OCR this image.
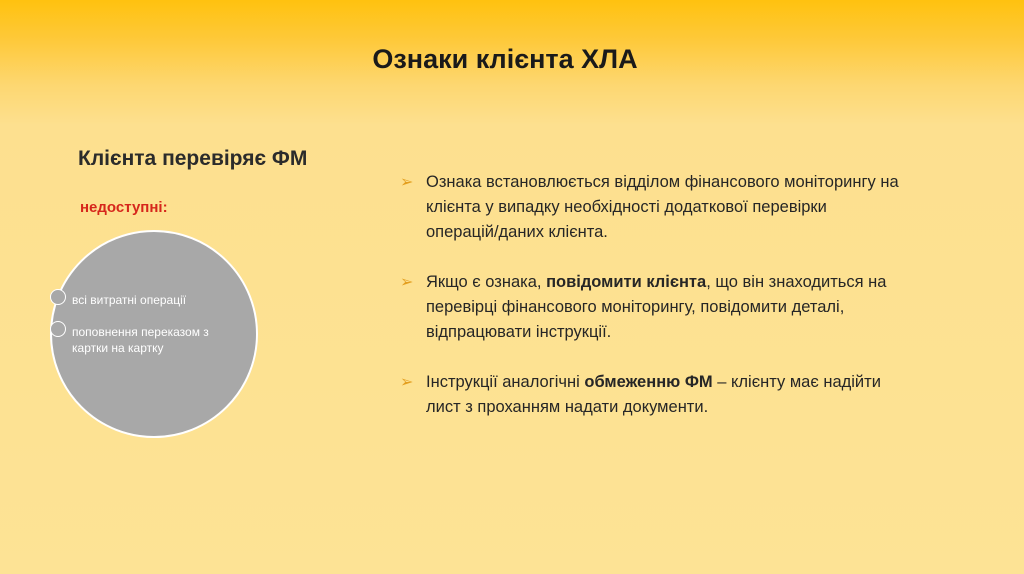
Ознаки клієнта ХЛА
Клієнта перевіряє ФМ
недоступні:
всі витратні операції
поповнення переказом з картки на картку
➢ Ознака встановлюється відділом фінансового моніторингу на клієнта у випадку необхідності додаткової перевірки операцій/даних клієнта.
➢ Якщо є ознака, повідомити клієнта, що він знаходиться на перевірці фінансового моніторингу, повідомити деталі, відпрацювати інструкції.
➢ Інструкції аналогічні обмеженню ФМ – клієнту має надійти лист з проханням надати документи.
